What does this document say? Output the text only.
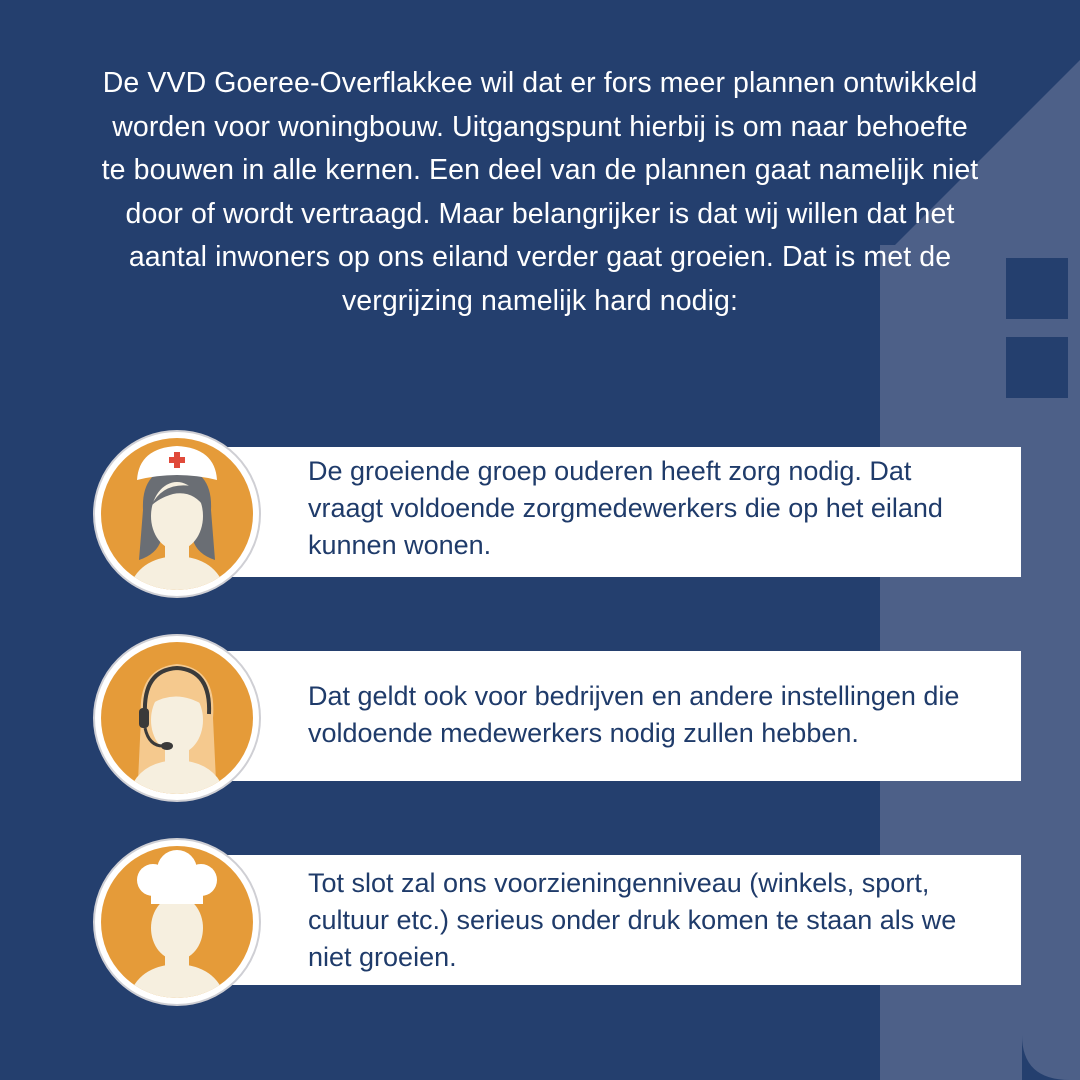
De VVD Goeree-Overflakkee wil dat er fors meer plannen ontwikkeld worden voor woningbouw. Uitgangspunt hierbij is om naar behoefte te bouwen in alle kernen. Een deel van de plannen gaat namelijk niet door of wordt vertraagd. Maar belangrijker is dat wij willen dat het aantal inwoners op ons eiland verder gaat groeien. Dat is met de vergrijzing namelijk hard nodig:
De groeiende groep ouderen heeft zorg nodig. Dat vraagt voldoende zorgmedewerkers die op het eiland kunnen wonen.
Dat geldt ook voor bedrijven en andere instellingen die voldoende medewerkers nodig zullen hebben.
Tot slot zal ons voorzieningenniveau (winkels, sport, cultuur etc.) serieus onder druk komen te staan als we niet groeien.
